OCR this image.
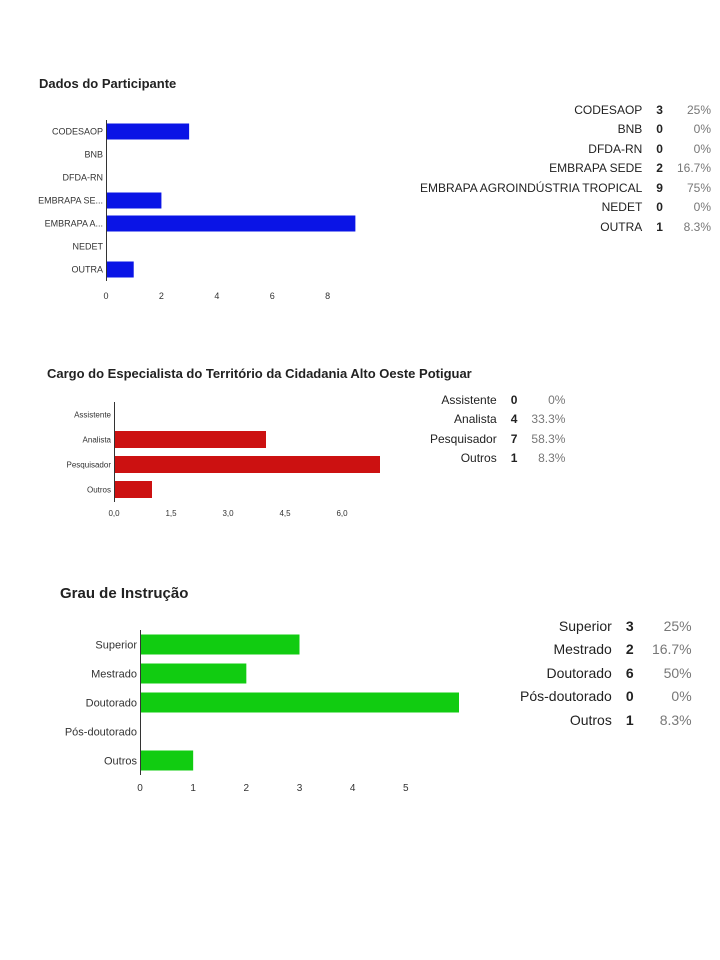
Dados do Participante
CODESAOP
BNB
DFDA-RN
EMBRAPA SE...
EMBRAPA A...
NEDET
OUTRA
0	2	4	6	8
CODESAOP	3	25%
BNB	0	0%
DFDA-RN	0	0%
EMBRAPA SEDE	2	16.7%
EMBRAPA AGROINDÚSTRIA TROPICAL	9	75%
NEDET	0	0%
OUTRA	1	8.3%
Cargo do Especialista do Território da Cidadania Alto Oeste Potiguar
Assistente
Analista
Pesquisador
Outros
0,0	1,5	3,0	4,5	6,0
Assistente	0	0%
Analista	4	33.3%
Pesquisador	7	58.3%
Outros	1	8.3%
Grau de Instrução
Superior
Mestrado
Doutorado
Pós-doutorado
Outros
0	1	2	3	4	5
Superior	3	25%
Mestrado	2	16.7%
Doutorado	6	50%
Pós-doutorado	0	0%
Outros	1	8.3%
